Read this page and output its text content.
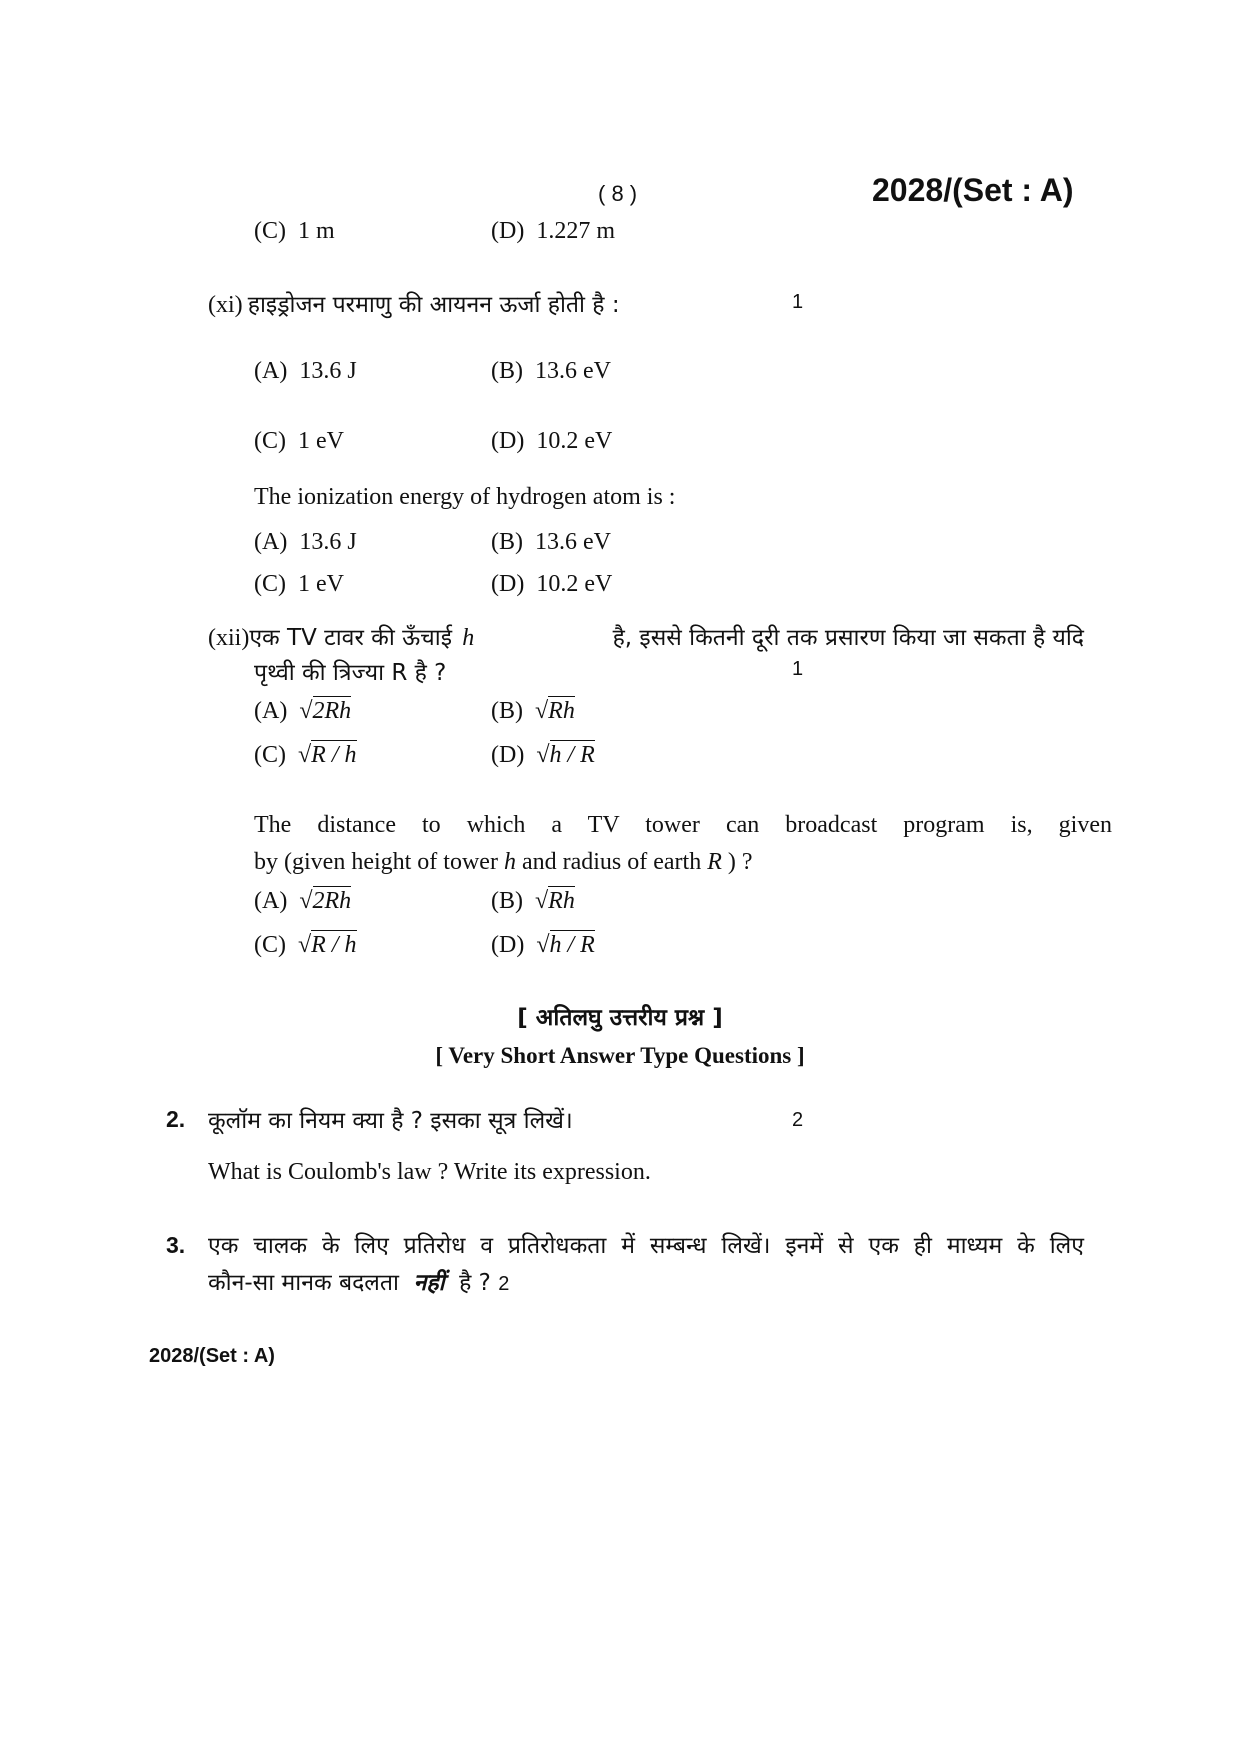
( 8 )	2028/(Set : A)
(C) 1 m	(D) 1.227 m
(xi) हाइड्रोजन परमाणु की आयनन ऊर्जा होती है :	1
(A) 13.6 J	(B) 13.6 eV
(C) 1 eV	(D) 10.2 eV
The ionization energy of hydrogen atom is :
(A) 13.6 J	(B) 13.6 eV
(C) 1 eV	(D) 10.2 eV
(xii)एक TV टावर की ऊँचाई h	है, इससे कितनी दूरी तक प्रसारण किया जा सकता है यदि
पृथ्वी की त्रिज्या R है ?	1
(A) √2Rh	(B) √Rh
(C) √R / h	(D) √h / R
The distance to which a TV tower can broadcast program is, given
by (given height of tower h and radius of earth R ) ?
(A) √2Rh	(B) √Rh
(C) √R / h	(D) √h / R
[ अतिलघु उत्तरीय प्रश्न ]
[ Very Short Answer Type Questions ]
2. कूलॉम का नियम क्या है ? इसका सूत्र लिखें।	2
What is Coulomb's law ? Write its expression.
3. एक चालक के लिए प्रतिरोध व प्रतिरोधकता में सम्बन्ध लिखें। इनमें से एक ही माध्यम के लिए
कौन-सा मानक बदलता नहीं है ? 2
2028/(Set : A)
